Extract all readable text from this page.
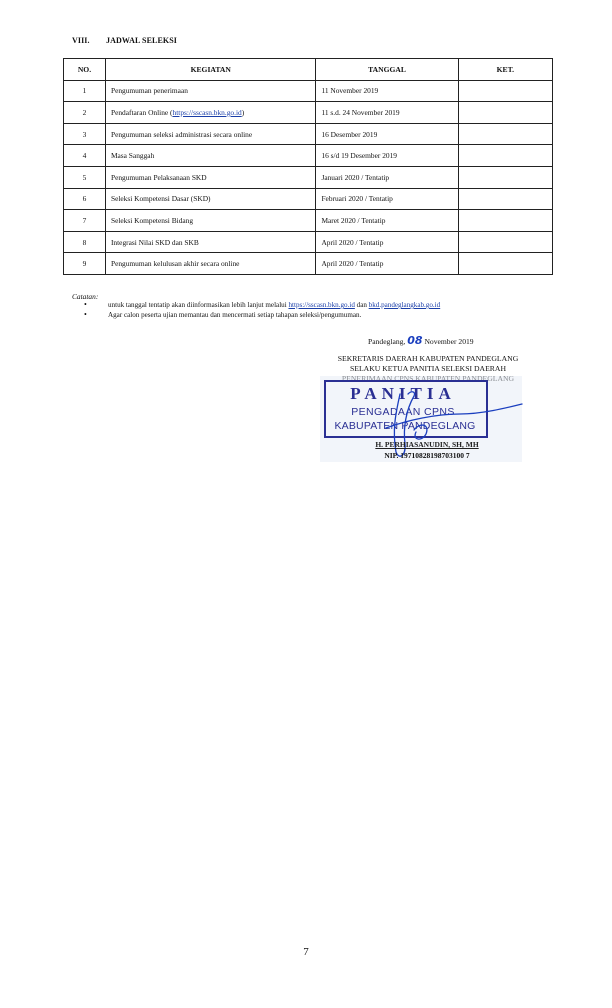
VIII. JADWAL SELEKSI
NO.	KEGIATAN	TANGGAL	KET.
1	Pengumuman penerimaan	11 November 2019	
2	Pendaftaran Online (https://sscasn.bkn.go.id)	11 s.d. 24 November 2019	
3	Pengumuman seleksi administrasi secara online	16 Desember 2019	
4	Masa Sanggah	16 s/d 19 Desember 2019	
5	Pengumuman Pelaksanaan SKD	Januari 2020 / Tentatip	
6	Seleksi Kompetensi Dasar (SKD)	Februari 2020 / Tentatip	
7	Seleksi Kompetensi Bidang	Maret 2020 / Tentatip	
8	Integrasi Nilai SKD dan SKB	April 2020 / Tentatip	
9	Pengumuman kelulusan akhir secara online	April 2020 / Tentatip	
Catatan:
• untuk tanggal tentatip akan diinformasikan lebih lanjut melalui https://sscasn.bkn.go.id dan bkd.pandeglangkab.go.id
• Agar calon peserta ujian memantau dan mencermati setiap tahapan seleksi/pengumuman.
Pandeglang, 08 November 2019
SEKRETARIS DAERAH KABUPATEN PANDEGLANG
SELAKU KETUA PANITIA SELEKSI DAERAH
PANITIA
PENGADAAN CPNS
KABUPATEN PANDEGLANG
H. PERHIASANUDIN, SH, MH
NIP. 19710828198703100 7
7
